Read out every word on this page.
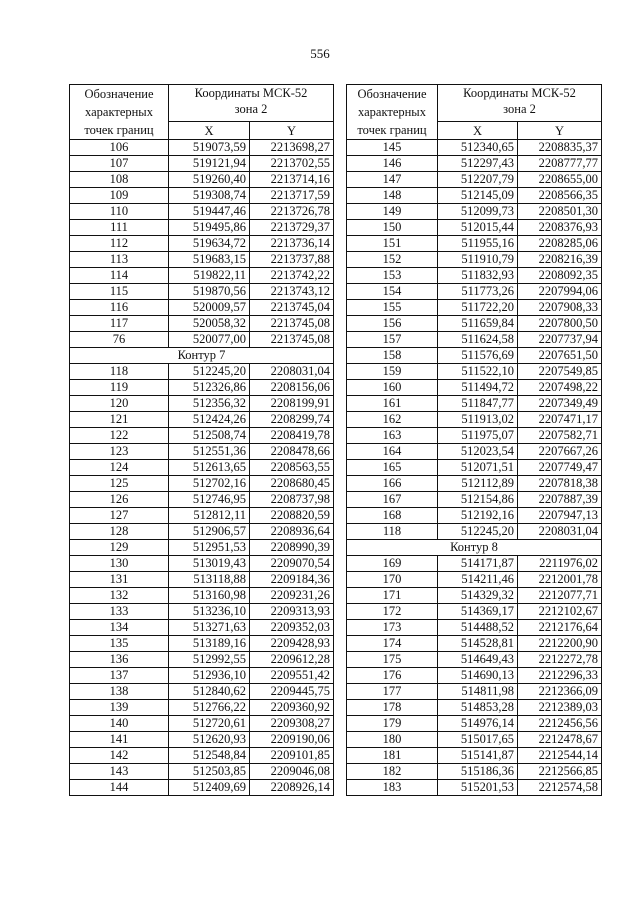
556
Обозначение
характерных
точек границ	Координаты МСК-52
зона 2	
	X	Y
106	519073,59	2213698,27
107	519121,94	2213702,55
108	519260,40	2213714,16
109	519308,74	2213717,59
110	519447,46	2213726,78
111	519495,86	2213729,37
112	519634,72	2213736,14
113	519683,15	2213737,88
114	519822,11	2213742,22
115	519870,56	2213743,12
116	520009,57	2213745,04
117	520058,32	2213745,08
76	520077,00	2213745,08
Контур 7		
118	512245,20	2208031,04
119	512326,86	2208156,06
120	512356,32	2208199,91
121	512424,26	2208299,74
122	512508,74	2208419,78
123	512551,36	2208478,66
124	512613,65	2208563,55
125	512702,16	2208680,45
126	512746,95	2208737,98
127	512812,11	2208820,59
128	512906,57	2208936,64
129	512951,53	2208990,39
130	513019,43	2209070,54
131	513118,88	2209184,36
132	513160,98	2209231,26
133	513236,10	2209313,93
134	513271,63	2209352,03
135	513189,16	2209428,93
136	512992,55	2209612,28
137	512936,10	2209551,42
138	512840,62	2209445,75
139	512766,22	2209360,92
140	512720,61	2209308,27
141	512620,93	2209190,06
142	512548,84	2209101,85
143	512503,85	2209046,08
144	512409,69	2208926,14
Обозначение
характерных
точек границ	Координаты МСК-52
зона 2	
	X	Y
145	512340,65	2208835,37
146	512297,43	2208777,77
147	512207,79	2208655,00
148	512145,09	2208566,35
149	512099,73	2208501,30
150	512015,44	2208376,93
151	511955,16	2208285,06
152	511910,79	2208216,39
153	511832,93	2208092,35
154	511773,26	2207994,06
155	511722,20	2207908,33
156	511659,84	2207800,50
157	511624,58	2207737,94
158	511576,69	2207651,50
159	511522,10	2207549,85
160	511494,72	2207498,22
161	511847,77	2207349,49
162	511913,02	2207471,17
163	511975,07	2207582,71
164	512023,54	2207667,26
165	512071,51	2207749,47
166	512112,89	2207818,38
167	512154,86	2207887,39
168	512192,16	2207947,13
118	512245,20	2208031,04
Контур 8		
169	514171,87	2211976,02
170	514211,46	2212001,78
171	514329,32	2212077,71
172	514369,17	2212102,67
173	514488,52	2212176,64
174	514528,81	2212200,90
175	514649,43	2212272,78
176	514690,13	2212296,33
177	514811,98	2212366,09
178	514853,28	2212389,03
179	514976,14	2212456,56
180	515017,65	2212478,67
181	515141,87	2212544,14
182	515186,36	2212566,85
183	515201,53	2212574,58
